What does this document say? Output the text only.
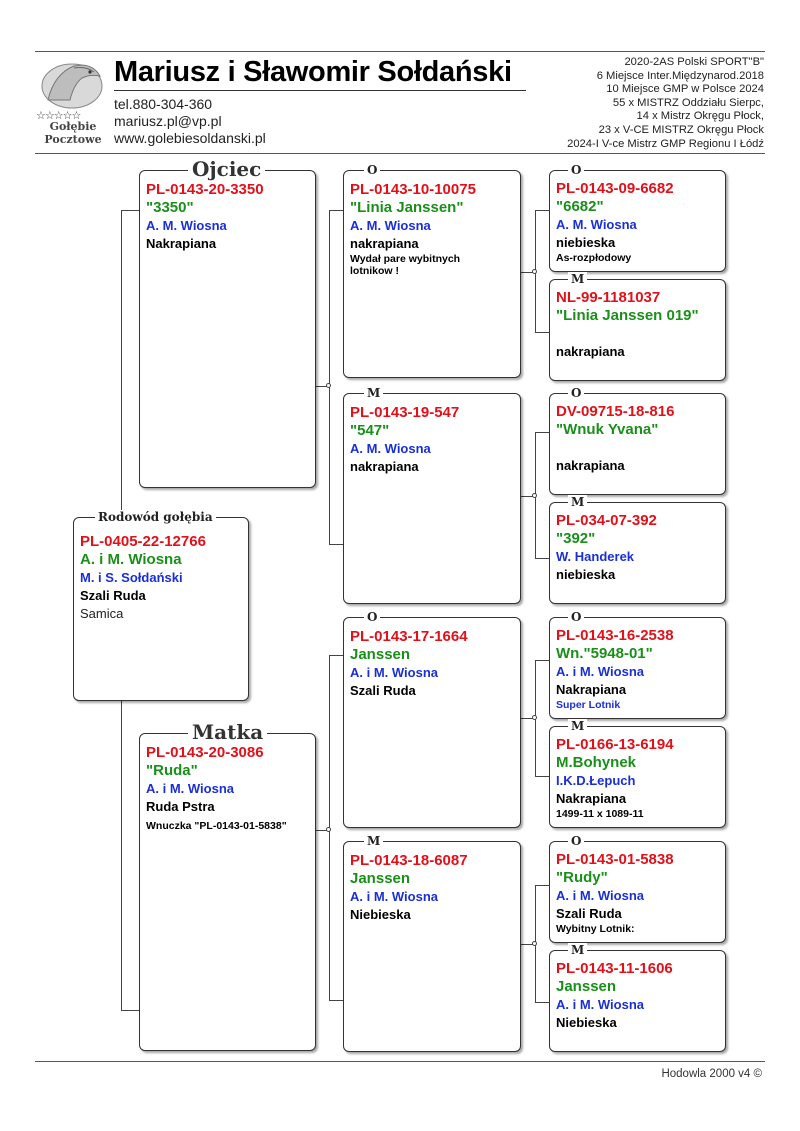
☆☆☆☆☆
Gołębie
Pocztowe
Mariusz i Sławomir Sołdański
tel.880-304-360
mariusz.pl@vp.pl
www.golebiesoldanski.pl
2020-2AS Polski SPORT"B"
6 Miejsce Inter.Międzynarod.2018
10 Miejsce GMP w Polsce 2024
55 x MISTRZ Oddziału Sierpc,
14 x Mistrz Okręgu Płock,
23 x V-CE MISTRZ Okręgu Płock
2024-I V-ce Mistrz GMP Regionu I Łódź
PL-0405-22-12766
A. i M. Wiosna
M. i S. Sołdański
Szali Ruda
Samica
Rodowód gołębia
PL-0143-20-3350
"3350"
A. M. Wiosna
Nakrapiana
Ojciec
PL-0143-20-3086
"Ruda"
A. i M. Wiosna
Ruda Pstra
Wnuczka "PL-0143-01-5838"
Matka
PL-0143-10-10075
"Linia Janssen"
A. M. Wiosna
nakrapiana
Wydał pare wybitnych
lotnikow !
O
PL-0143-19-547
"547"
A. M. Wiosna
nakrapiana
M
PL-0143-17-1664
Janssen
A. i M. Wiosna
Szali Ruda
O
PL-0143-18-6087
Janssen
A. i M. Wiosna
Niebieska
M
PL-0143-09-6682
"6682"
A. M. Wiosna
niebieska
As-rozpłodowy
O
NL-99-1181037
"Linia Janssen 019"
nakrapiana
M
DV-09715-18-816
"Wnuk Yvana"
nakrapiana
O
PL-034-07-392
"392"
W. Handerek
niebieska
M
PL-0143-16-2538
Wn."5948-01"
A. i M. Wiosna
Nakrapiana
Super Lotnik
O
PL-0166-13-6194
M.Bohynek
I.K.D.Łepuch
Nakrapiana
1499-11 x 1089-11
M
PL-0143-01-5838
"Rudy"
A. i M. Wiosna
Szali Ruda
Wybitny Lotnik:
O
PL-0143-11-1606
Janssen
A. i M. Wiosna
Niebieska
M
Hodowla 2000 v4 ©
